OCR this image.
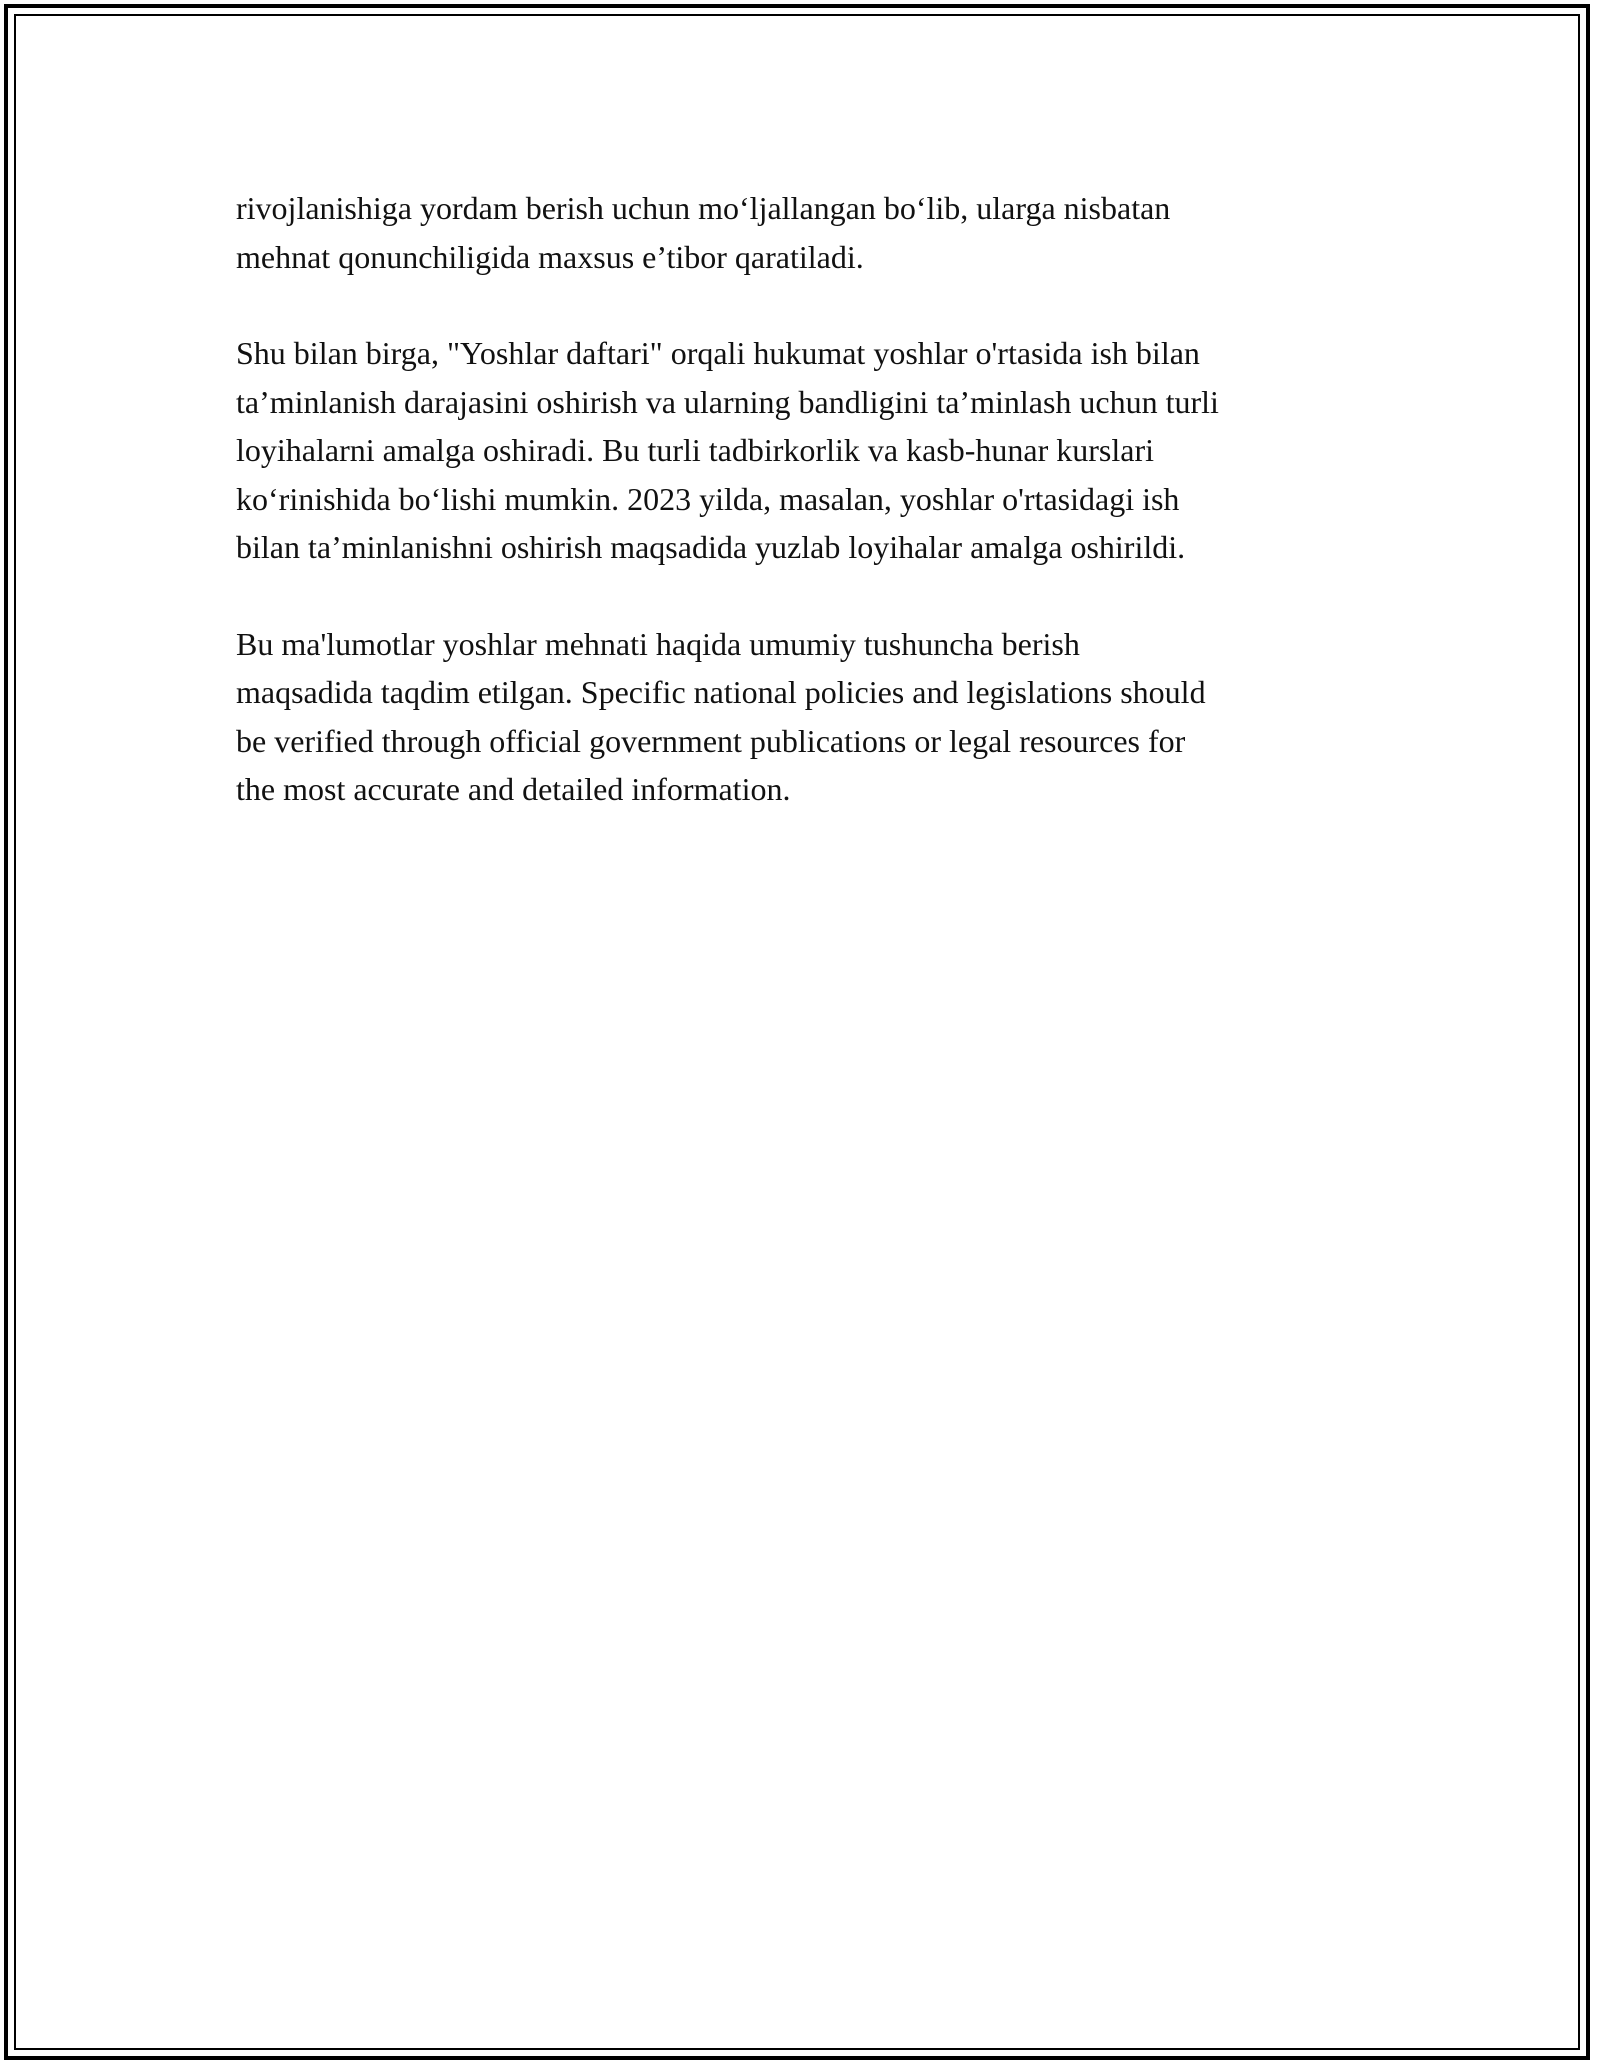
rivojlanishiga yordam berish uchun mo‘ljallangan bo‘lib, ularga nisbatan
mehnat qonunchiligida maxsus e’tibor qaratiladi.

Shu bilan birga, "Yoshlar daftari" orqali hukumat yoshlar o'rtasida ish bilan
ta’minlanish darajasini oshirish va ularning bandligini ta’minlash uchun turli
loyihalarni amalga oshiradi. Bu turli tadbirkorlik va kasb-hunar kurslari
ko‘rinishida bo‘lishi mumkin. 2023 yilda, masalan, yoshlar o'rtasidagi ish
bilan ta’minlanishni oshirish maqsadida yuzlab loyihalar amalga oshirildi.

Bu ma'lumotlar yoshlar mehnati haqida umumiy tushuncha berish
maqsadida taqdim etilgan. Specific national policies and legislations should
be verified through official government publications or legal resources for
the most accurate and detailed information.
